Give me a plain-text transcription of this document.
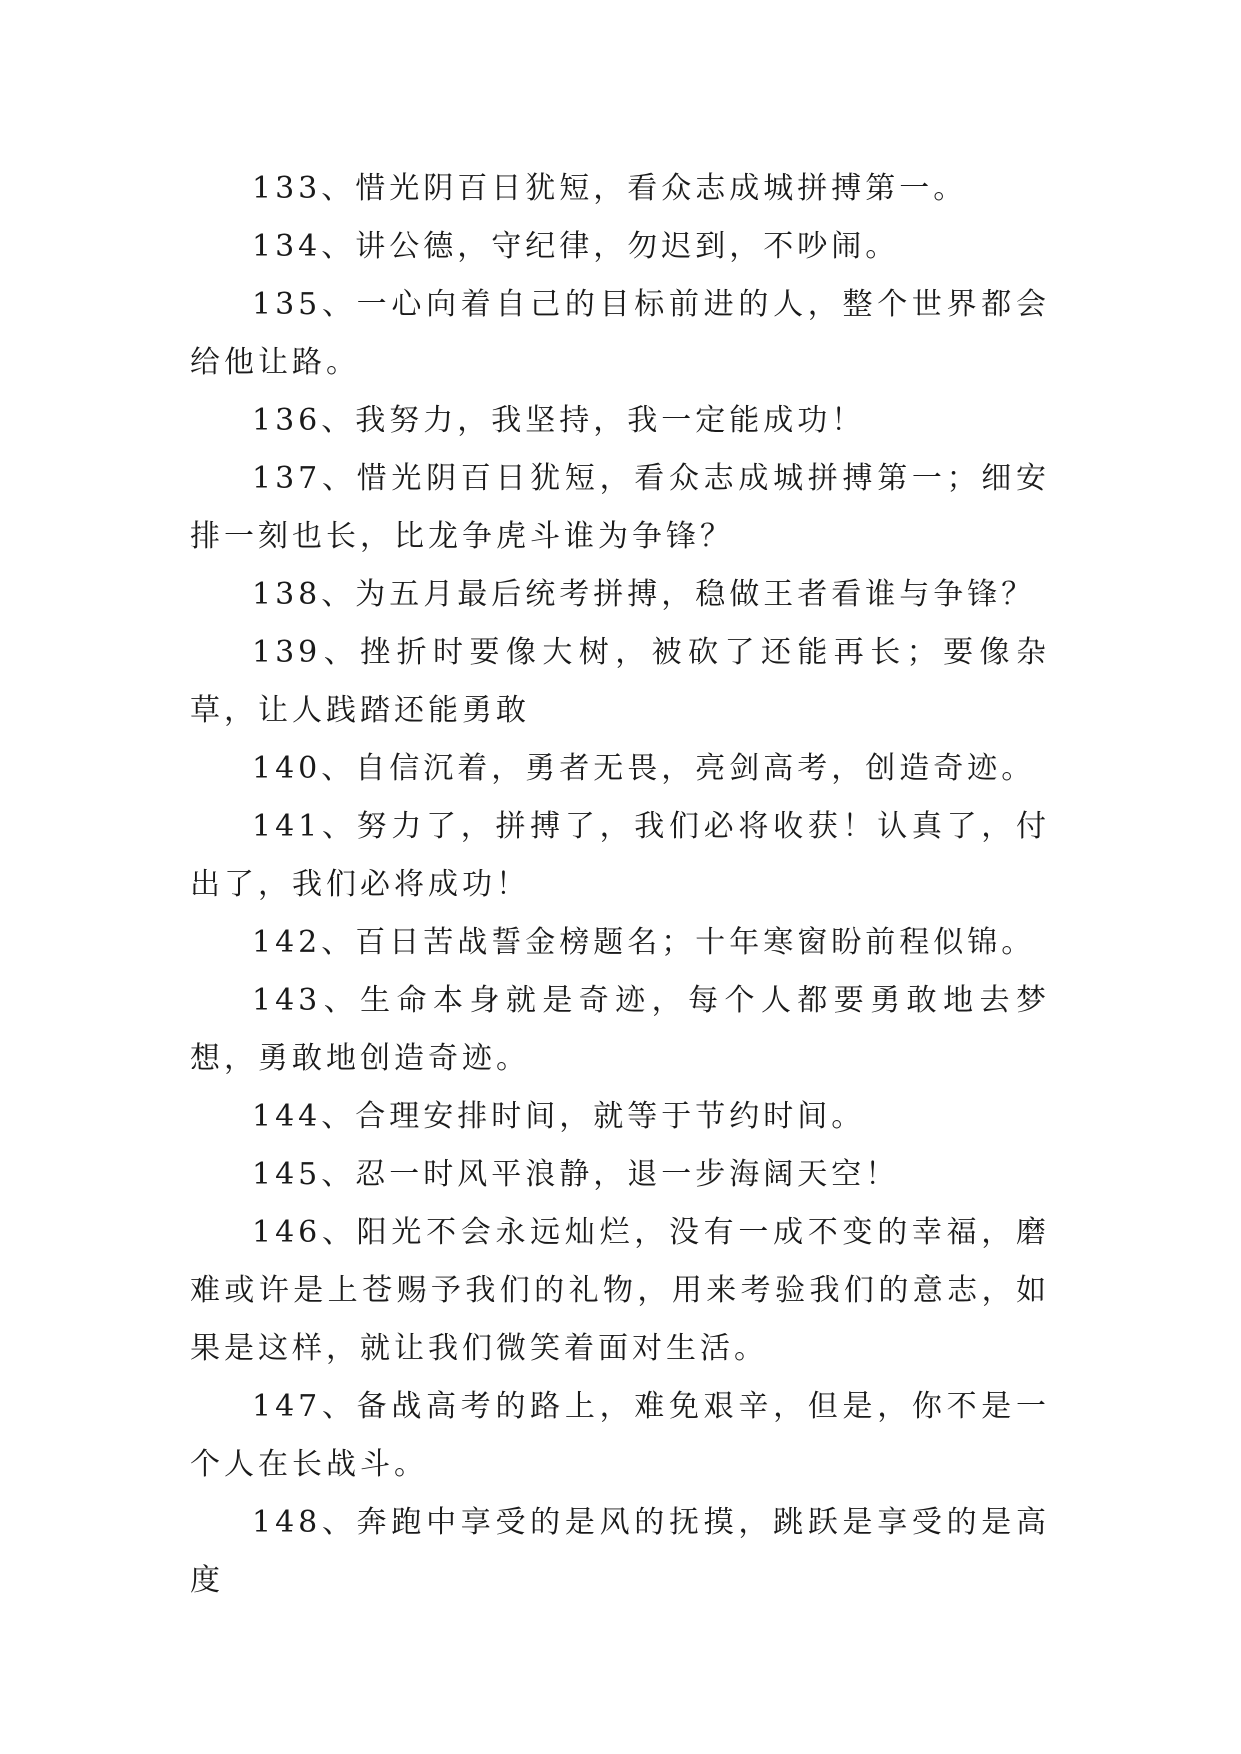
133、惜光阴百日犹短，看众志成城拼搏第一。

134、讲公德，守纪律，勿迟到，不吵闹。

135、一心向着自己的目标前进的人，整个世界都会给他让路。

136、我努力，我坚持，我一定能成功！

137、惜光阴百日犹短，看众志成城拼搏第一；细安排一刻也长，比龙争虎斗谁为争锋？

138、为五月最后统考拼搏，稳做王者看谁与争锋？

139、挫折时要像大树，被砍了还能再长；要像杂草，让人践踏还能勇敢

140、自信沉着，勇者无畏，亮剑高考，创造奇迹。

141、努力了，拼搏了，我们必将收获！认真了，付出了，我们必将成功！

142、百日苦战誓金榜题名；十年寒窗盼前程似锦。

143、生命本身就是奇迹，每个人都要勇敢地去梦想，勇敢地创造奇迹。

144、合理安排时间，就等于节约时间。

145、忍一时风平浪静，退一步海阔天空！

146、阳光不会永远灿烂，没有一成不变的幸福，磨难或许是上苍赐予我们的礼物，用来考验我们的意志，如果是这样，就让我们微笑着面对生活。

147、备战高考的路上，难免艰辛，但是，你不是一个人在长战斗。

148、奔跑中享受的是风的抚摸，跳跃是享受的是高度
